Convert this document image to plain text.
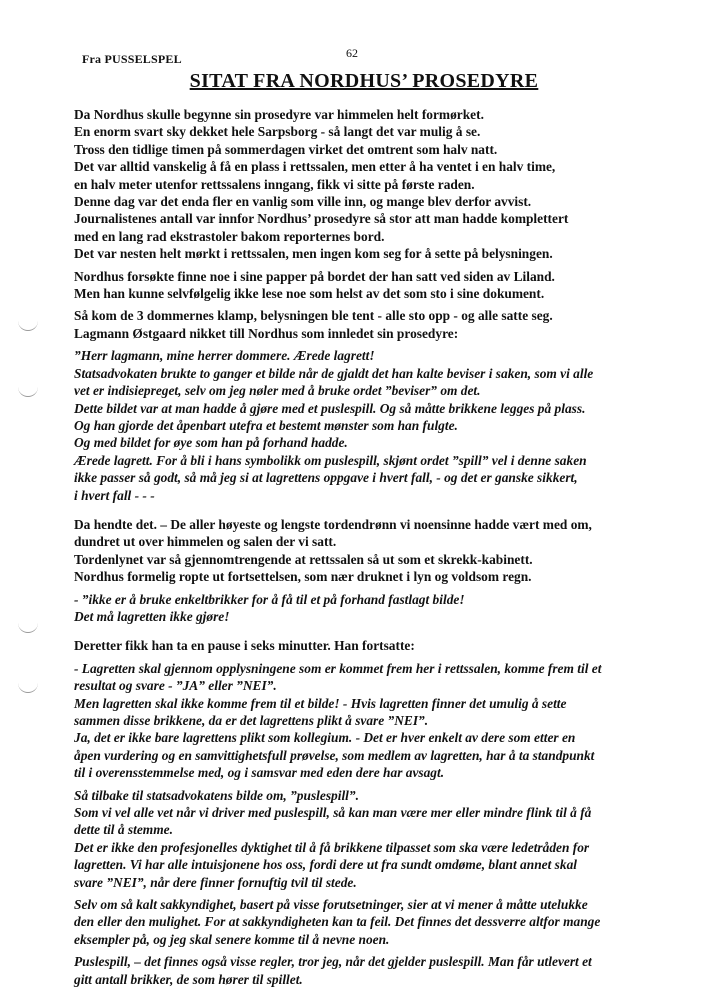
Fra PUSSELSPEL	62
SITAT FRA NORDHUS’ PROSEDYRE

Da Nordhus skulle begynne sin prosedyre var himmelen helt formørket.
En enorm svart sky dekket hele Sarpsborg - så langt det var mulig å se.
Tross den tidlige timen på sommerdagen virket det omtrent som halv natt.
Det var alltid vanskelig å få en plass i rettssalen, men etter å ha ventet i en halv time,
en halv meter utenfor rettssalens inngang, fikk vi sitte på første raden.
Denne dag var det enda fler en vanlig som ville inn, og mange blev derfor avvist.
Journalistenes antall var innfor Nordhus’ prosedyre så stor att man hadde komplettert
med en lang rad ekstrastoler bakom reporternes bord.
Det var nesten helt mørkt i rettssalen, men ingen kom seg for å sette på belysningen.

Nordhus forsøkte finne noe i sine papper på bordet der han satt ved siden av Liland.
Men han kunne selvfølgelig ikke lese noe som helst av det som sto i sine dokument.

Så kom de 3 dommernes klamp, belysningen ble tent - alle sto opp - og alle satte seg.
Lagmann Østgaard nikket till Nordhus som innledet sin prosedyre:

”Herr lagmann, mine herrer dommere. Ærede lagrett!
Statsadvokaten brukte to ganger et bilde når de gjaldt det han kalte beviser i saken, som vi alle
vet er indisiepreget, selv om jeg nøler med å bruke ordet ”beviser” om det.
Dette bildet var at man hadde å gjøre med et puslespill. Og så måtte brikkene legges på plass.
Og han gjorde det åpenbart utefra et bestemt mønster som han fulgte.
Og med bildet for øye som han på forhand hadde.
Ærede lagrett. For å bli i hans symbolikk om puslespill, skjønt ordet ”spill” vel i denne saken
ikke passer så godt, så må jeg si at lagrettens oppgave i hvert fall, - og det er ganske sikkert,
i hvert fall - - -

Da hendte det. – De aller høyeste og lengste tordendrønn vi noensinne hadde vært med om,
dundret ut over himmelen og salen der vi satt.
Tordenlynet var så gjennomtrengende at rettssalen så ut som et skrekk-kabinett.
Nordhus formelig ropte ut fortsettelsen, som nær druknet i lyn og voldsom regn.

- ”ikke er å bruke enkeltbrikker for å få til et på forhand fastlagt bilde!
Det må lagretten ikke gjøre!

Deretter fikk han ta en pause i seks minutter. Han fortsatte:

- Lagretten skal gjennom opplysningene som er kommet frem her i rettssalen, komme frem til et
resultat og svare - ”JA” eller ”NEI”.
Men lagretten skal ikke komme frem til et bilde! - Hvis lagretten finner det umulig å sette
sammen disse brikkene, da er det lagrettens plikt å svare ”NEI”.
Ja, det er ikke bare lagrettens plikt som kollegium. - Det er hver enkelt av dere som etter en
åpen vurdering og en samvittighetsfull prøvelse, som medlem av lagretten, har å ta standpunkt
til i overensstemmelse med, og i samsvar med eden dere har avsagt.

Så tilbake til statsadvokatens bilde om, ”puslespill”.
Som vi vel alle vet når vi driver med puslespill, så kan man være mer eller mindre flink til å få
dette til å stemme.
Det er ikke den profesjonelles dyktighet til å få brikkene tilpasset som ska være ledetråden for
lagretten. Vi har alle intuisjonene hos oss, fordi dere ut fra sundt omdøme, blant annet skal
svare ”NEI”, når dere finner fornuftig tvil til stede.

Selv om så kalt sakkyndighet, basert på visse forutsetninger, sier at vi mener å måtte utelukke
den eller den mulighet. For at sakkyndigheten kan ta feil. Det finnes det dessverre altfor mange
eksempler på, og jeg skal senere komme til å nevne noen.

Puslespill, – det finnes også visse regler, tror jeg, når det gjelder puslespill. Man får utlevert et
gitt antall brikker, de som hører til spillet.
